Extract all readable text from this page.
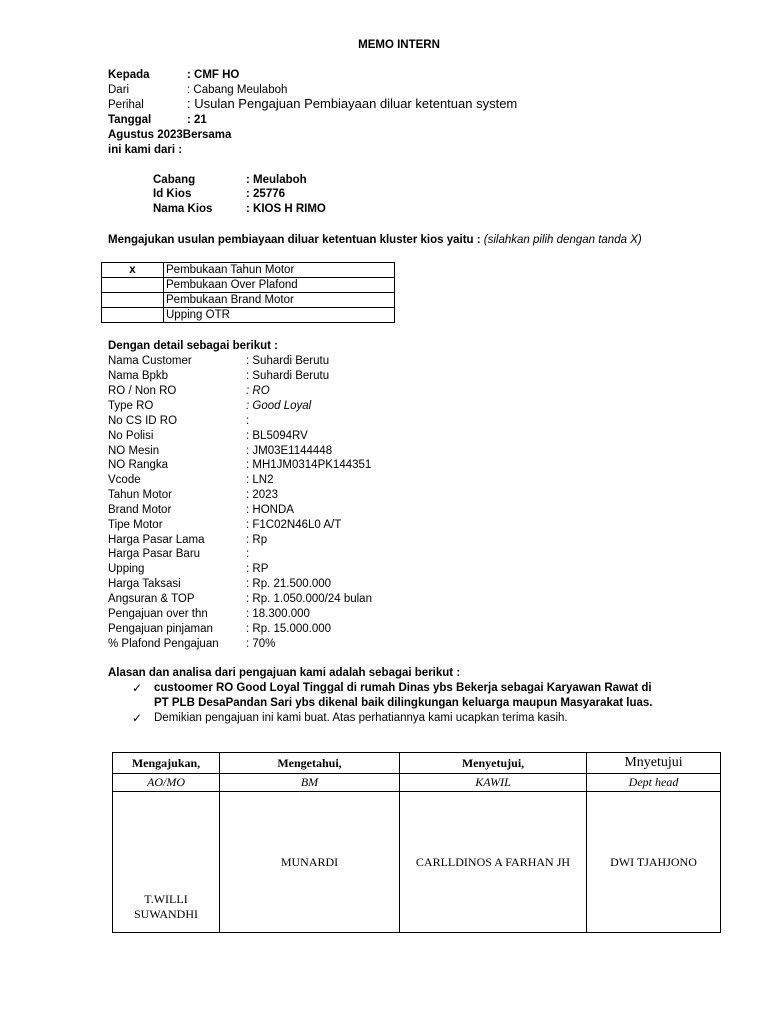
MEMO INTERN
Kepada	: CMF HO
Dari	: Cabang Meulaboh
Perihal	: Usulan Pengajuan Pembiayaan diluar ketentuan system
Tanggal	: 21
Agustus 2023Bersama
ini kami dari :
Cabang	: Meulaboh
Id Kios	: 25776
Nama Kios	: KIOS H RIMO
Mengajukan usulan pembiayaan diluar ketentuan kluster kios yaitu : (silahkan pilih dengan tanda X)
x	Pembukaan Tahun Motor
	Pembukaan Over Plafond
	Pembukaan Brand Motor
	Upping OTR
Dengan detail sebagai berikut :
Nama Customer	: Suhardi Berutu
Nama Bpkb	: Suhardi Berutu
RO / Non RO	: RO
Type RO	: Good Loyal
No CS ID RO	:
No Polisi	: BL5094RV
NO Mesin	: JM03E1144448
NO Rangka	: MH1JM0314PK144351
Vcode	: LN2
Tahun Motor	: 2023
Brand Motor	: HONDA
Tipe Motor	: F1C02N46L0 A/T
Harga Pasar Lama	: Rp
Harga Pasar Baru	:
Upping	: RP
Harga Taksasi	: Rp. 21.500.000
Angsuran & TOP	: Rp. 1.050.000/24 bulan
Pengajuan over thn	: 18.300.000
Pengajuan pinjaman	: Rp. 15.000.000
% Plafond Pengajuan : 70%
Alasan dan analisa dari pengajuan kami adalah sebagai berikut :
✓ custoomer RO Good Loyal Tinggal di rumah Dinas ybs Bekerja sebagai Karyawan Rawat di
PT PLB DesaPandan Sari ybs dikenal baik dilingkungan keluarga maupun Masyarakat luas.
✓ Demikian pengajuan ini kami buat. Atas perhatiannya kami ucapkan terima kasih.
Mengajukan,	Mengetahui,	Menyetujui,	Mnyetujui
AO/MO	BM	KAWIL	Dept head

T.WILLI
SUWANDHI	MUNARDI	CARLLDINOS A FARHAN JH	DWI TJAHJONO
